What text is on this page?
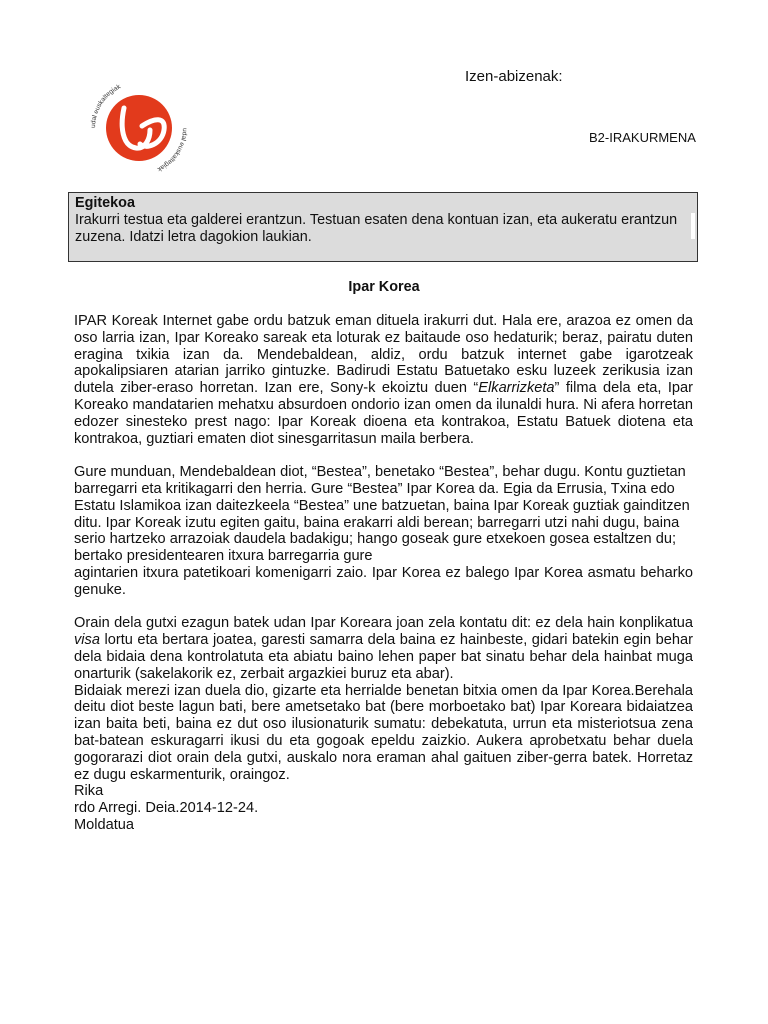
udal euskaltegiak
udal euskaltegiak
Izen-abizenak:
B2-IRAKURMENA
Egitekoa
Irakurri testua eta galderei erantzun. Testuan esaten dena kontuan izan, eta aukeratu erantzun zuzena. Idatzi letra dagokion laukian.
Ipar Korea

IPAR Koreak Internet gabe ordu batzuk eman dituela irakurri dut. Hala ere, arazoa ez omen da oso larria izan, Ipar Koreako sareak eta loturak ez baitaude oso hedaturik; beraz, pairatu duten eragina txikia izan da. Mendebaldean, aldiz, ordu batzuk internet gabe igarotzeak apokalipsiaren atarian jarriko gintuzke. Badirudi Estatu Batuetako esku luzeek zerikusia izan dutela ziber-eraso horretan. Izan ere, Sony-k ekoiztu duen “Elkarrizketa” filma dela eta, Ipar Koreako mandatarien mehatxu absurdoen ondorio izan omen da ilunaldi hura. Ni afera horretan edozer sinesteko prest nago: Ipar Koreak dioena eta kontrakoa, Estatu Batuek diotena eta kontrakoa, guztiari ematen diot sinesgarritasun maila berbera.

Gure munduan, Mendebaldean diot, “Bestea”, benetako “Bestea”, behar dugu. Kontu guztietan barregarri eta kritikagarri den herria. Gure “Bestea” Ipar Korea da. Egia da Errusia, Txina edo Estatu Islamikoa izan daitezkeela “Bestea” une batzuetan, baina Ipar Koreak guztiak gainditzen ditu. Ipar Koreak izutu egiten gaitu, baina erakarri aldi berean; barregarri utzi nahi dugu, baina serio hartzeko arrazoiak daudela badakigu; hango goseak gure etxekoen gosea estaltzen du; bertako presidentearen itxura barregarria gure

agintarien itxura patetikoari komenigarri zaio. Ipar Korea ez balego Ipar Korea asmatu beharko genuke.

Orain dela gutxi ezagun batek udan Ipar Koreara joan zela kontatu dit: ez dela hain konplikatua visa lortu eta bertara joatea, garesti samarra dela baina ez hainbeste, gidari batekin egin behar dela bidaia dena kontrolatuta eta abiatu baino lehen paper bat sinatu behar dela hainbat muga onarturik (sakelakorik ez, zerbait argazkiei buruz eta abar).

Bidaiak merezi izan duela dio, gizarte eta herrialde benetan bitxia omen da Ipar Korea.Berehala deitu diot beste lagun bati, bere ametsetako bat (bere morboetako bat) Ipar Koreara bidaiatzea izan baita beti, baina ez dut oso ilusionaturik sumatu: debekatuta, urrun eta misteriotsua zena bat-batean eskuragarri ikusi du eta gogoak epeldu zaizkio. Aukera aprobetxatu behar duela gogorarazi diot orain dela gutxi, auskalo nora eraman ahal gaituen ziber-gerra batek. Horretaz ez dugu eskarmenturik, oraingoz.

Rika

rdo Arregi. Deia.2014-12-24.

Moldatua
